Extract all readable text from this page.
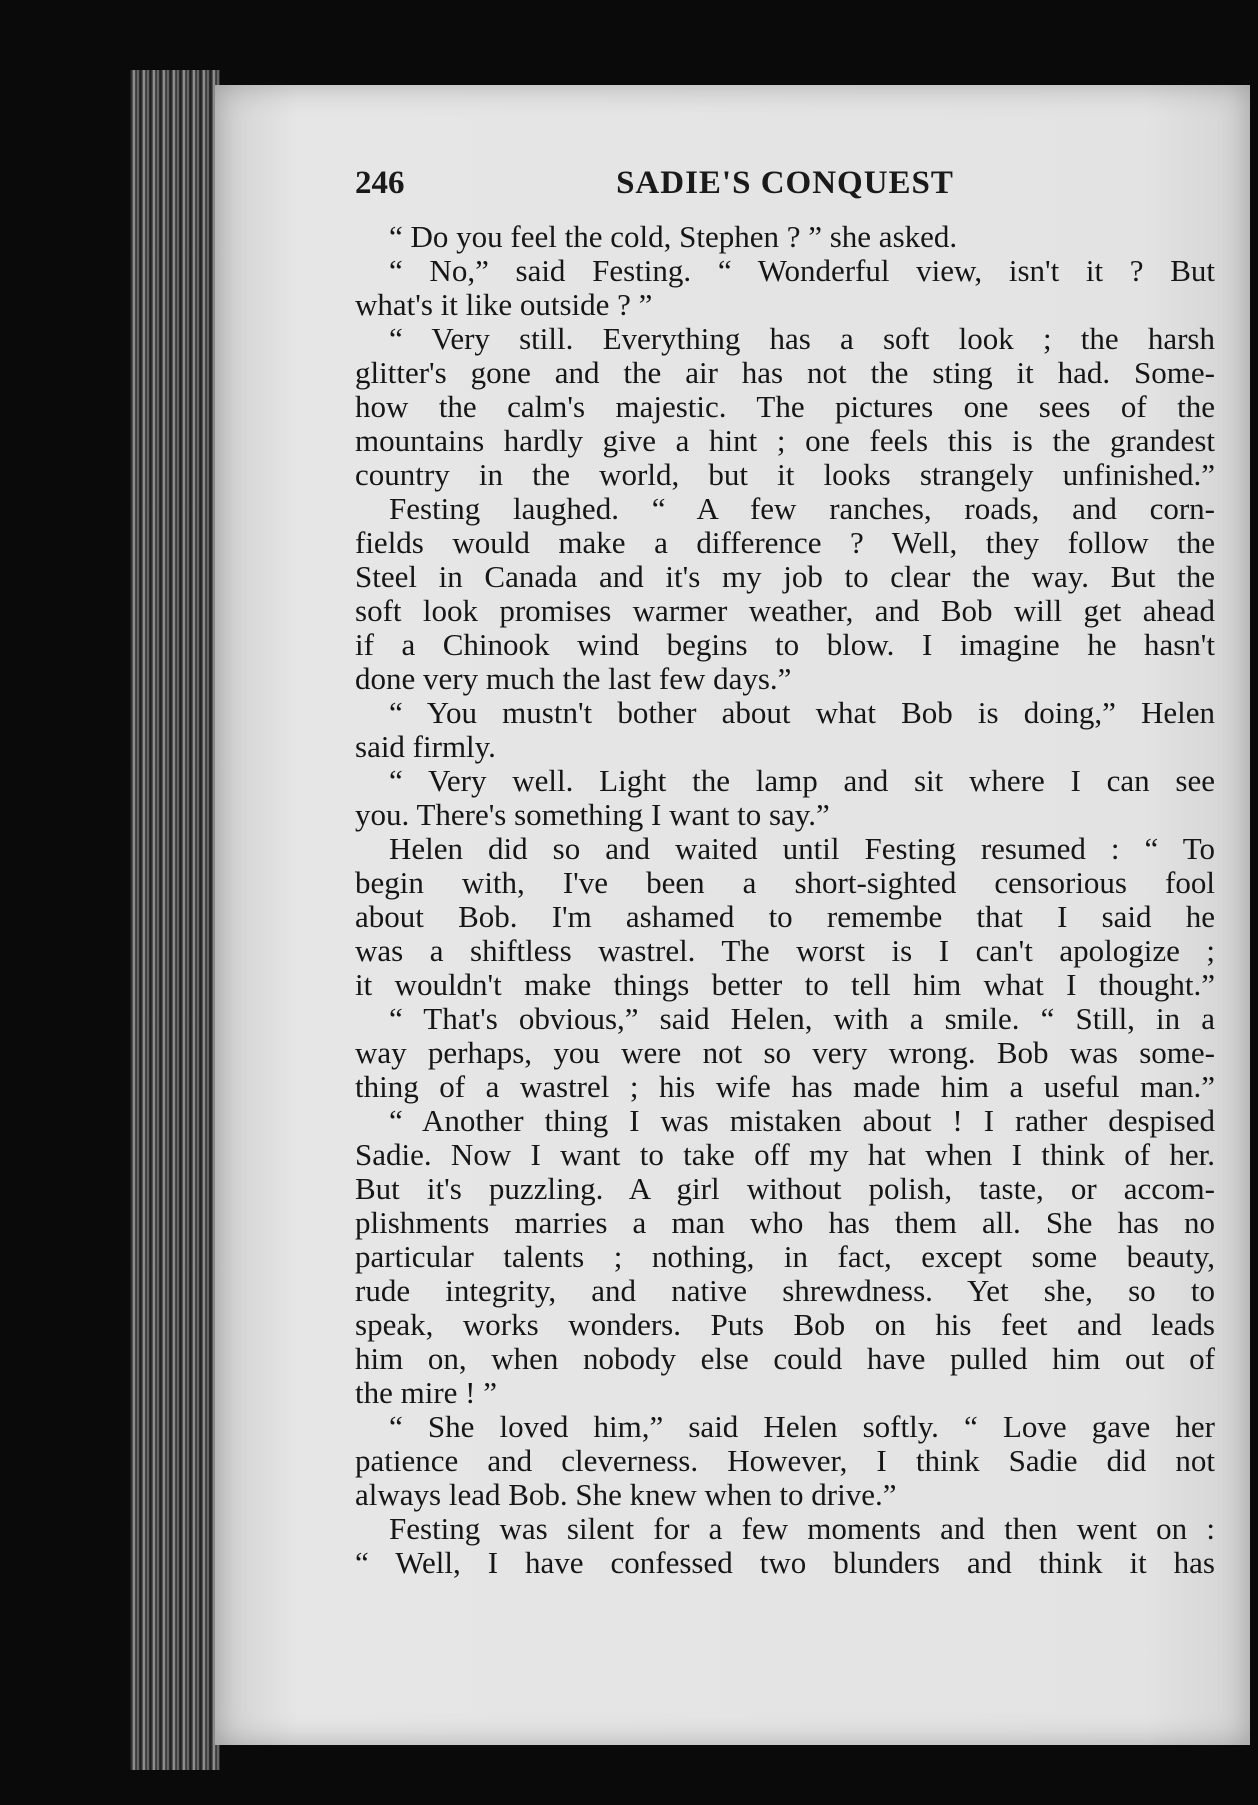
246	SADIE'S CONQUEST
“ Do you feel the cold, Stephen ? ” she asked.
“ No,” said Festing. “ Wonderful view, isn't it ? But
what's it like outside ? ”
“ Very still. Everything has a soft look ; the harsh
glitter's gone and the air has not the sting it had. Some-
how the calm's majestic. The pictures one sees of the
mountains hardly give a hint ; one feels this is the grandest
country in the world, but it looks strangely unfinished.”
Festing laughed. “ A few ranches, roads, and corn-
fields would make a difference ? Well, they follow the
Steel in Canada and it's my job to clear the way. But the
soft look promises warmer weather, and Bob will get ahead
if a Chinook wind begins to blow. I imagine he hasn't
done very much the last few days.”
“ You mustn't bother about what Bob is doing,” Helen
said firmly.
“ Very well. Light the lamp and sit where I can see
you. There's something I want to say.”
Helen did so and waited until Festing resumed : “ To
begin with, I've been a short-sighted censorious fool
about Bob. I'm ashamed to remembe that I said he
was a shiftless wastrel. The worst is I can't apologize ;
it wouldn't make things better to tell him what I thought.”
“ That's obvious,” said Helen, with a smile. “ Still, in a
way perhaps, you were not so very wrong. Bob was some-
thing of a wastrel ; his wife has made him a useful man.”
“ Another thing I was mistaken about ! I rather despised
Sadie. Now I want to take off my hat when I think of her.
But it's puzzling. A girl without polish, taste, or accom-
plishments marries a man who has them all. She has no
particular talents ; nothing, in fact, except some beauty,
rude integrity, and native shrewdness. Yet she, so to
speak, works wonders. Puts Bob on his feet and leads
him on, when nobody else could have pulled him out of
the mire ! ”
“ She loved him,” said Helen softly. “ Love gave her
patience and cleverness. However, I think Sadie did not
always lead Bob. She knew when to drive.”
Festing was silent for a few moments and then went on :
“ Well, I have confessed two blunders and think it has
